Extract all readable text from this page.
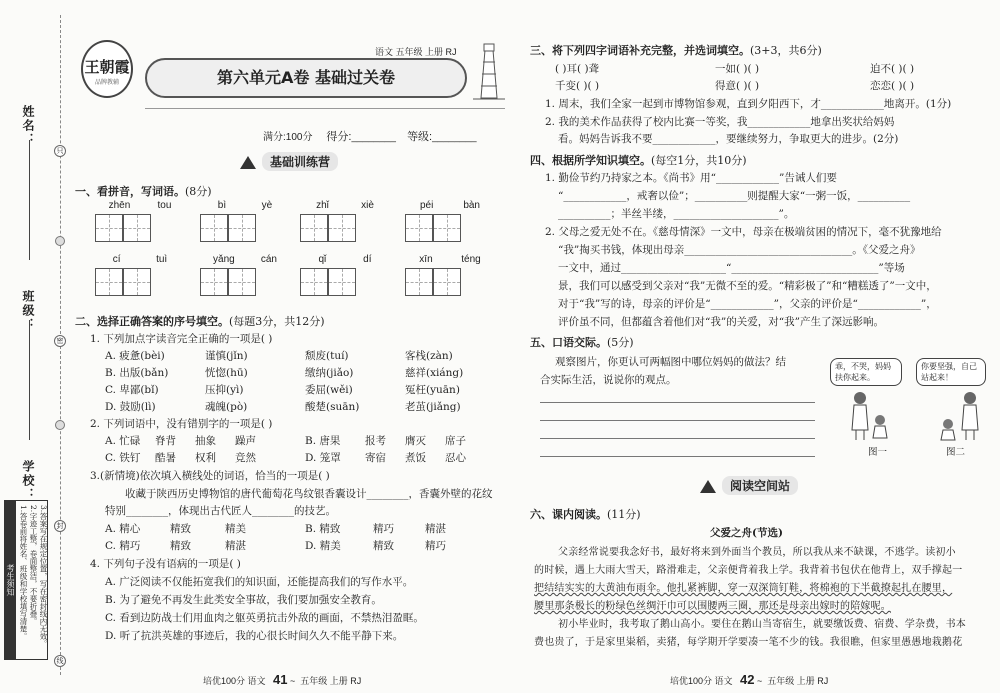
姓名：
班级：
学校：
只
密
封
线
考生须知 1.答卷前将姓名、班级和学校填写清楚。 2.字迹工整，卷面整洁，不要折叠。 3.答案写在规定位置，写在密封线内无效。
王朝霞
品牌教辅
语文 五年级 上册 RJ
第六单元A卷 基础过关卷
满分:100分 得分:________ 等级:________
基础训练营
一、看拼音，写词语。(8分)
zhēn	tou	bì	yè	zhǐ	xiè	péi	bàn
cí	tuì	yǎng	cán	qǐ	dí	xīn	téng
二、选择正确答案的序号填空。(每题3分，共12分)
1. 下列加点字读音完全正确的一项是( )
A. 疲惫(bèi)	谨慎(jǐn)	颓废(tuí)	客栈(zàn)
B. 出版(bǎn)	恍惚(hū)	缴纳(jiǎo)	慈祥(xiáng)
C. 卑鄙(bǐ)	压抑(yì)	委屈(wěi)	冤枉(yuān)
D. 鼓励(lì)	魂魄(pò)	酸楚(suān)	老茧(jiǎng)
2. 下列词语中，没有错别字的一项是( )
A. 忙碌 脊背 抽象 躁声	B. 唐果 报考 膺灭 席子
C. 铁钉 酷暑 权利 竞然	D. 笼罩 寄宿 煮饭 忍心
3.(新情境)依次填入横线处的词语，恰当的一项是( )
收藏于陕西历史博物馆的唐代葡萄花鸟纹银香囊设计________，香囊外壁的花纹
特别________，体现出古代匠人________的技艺。
A. 精心	精致	精美	B. 精致	精巧	精湛
C. 精巧	精致	精湛	D. 精美	精致	精巧
4. 下列句子没有语病的一项是( )
A. 广泛阅读不仅能拓宽我们的知识面，还能提高我们的写作水平。
B. 为了避免不再发生此类安全事故，我们要加强安全教育。
C. 看到边防战士们用血肉之躯英勇抗击外敌的画面，不禁热泪盈眶。
D. 听了抗洪英雄的事迹后，我的心很长时间久久不能平静下来。
培优100分 语文 41 ~  五年级 上册 RJ
三、将下列四字词语补充完整，并选词填空。(3+3，共6分)
( )耳( )聋	一如( )( )	迫不( )( )
千变( )( )	得意( )( )	恋恋( )( )
1. 周末，我们全家一起到市博物馆参观，直到夕阳西下，才____________地离开。(1分)
2. 我的美术作品获得了校内比赛一等奖，我____________地拿出奖状给妈妈
看。妈妈告诉我不要____________，要继续努力，争取更大的进步。(2分)
四、根据所学知识填空。(每空1分，共10分)
1. 勤俭节约乃持家之本。《尚书》用“____________”告诫人们要
“____________，戒奢以俭”；__________则提醒大家“一粥一饭，__________
__________；半丝半缕，____________________”。
2. 父母之爱无处不在。《慈母情深》一文中，母亲在极端贫困的情况下，毫不犹豫地给
“我”掏买书钱，体现出母亲________________________________。《父爱之舟》
一文中，通过____________________“____________________________”等场
景，我们可以感受到父亲对“我”无微不至的爱。“精彩极了”和“糟糕透了”一文中，
对于“我”写的诗，母亲的评价是“____________”，父亲的评价是“____________”，
评价虽不同，但都蕴含着他们对“我”的关爱，对“我”产生了深远影响。
五、口语交际。(5分)
观察图片，你更认可两幅图中哪位妈妈的做法？结
合实际生活，说说你的观点。
乖，不哭，妈妈扶你起来。
你要坚强，自己站起来！
图一	图二
阅读空间站
六、课内阅读。(11分)
父爱之舟(节选)
父亲经常说要我念好书，最好将来到外面当个教员，所以我从来不缺课，不逃学。读初小
的时候，遇上大雨大雪天，路滑难走，父亲便背着我上学。我背着书包伏在他背上，双手撑起一
把结结实实的大黄油布雨伞。他扎紧裤脚，穿一双深筒钉鞋，将棉袍的下半截撩起扎在腰里，
腰里那条极长的粉绿色丝绸汗巾可以围腰两三圈，那还是母亲出嫁时的陪嫁呢。
初小毕业时，我考取了鹅山高小。要住在鹅山当寄宿生，就要缴饭费、宿费、学杂费，书本
费也贵了，于是家里粜稻，卖猪，每学期开学要凑一笔不少的钱。我很瞧，但家里愚愚地栽鹅花
培优100分 语文 42 ~  五年级 上册 RJ
